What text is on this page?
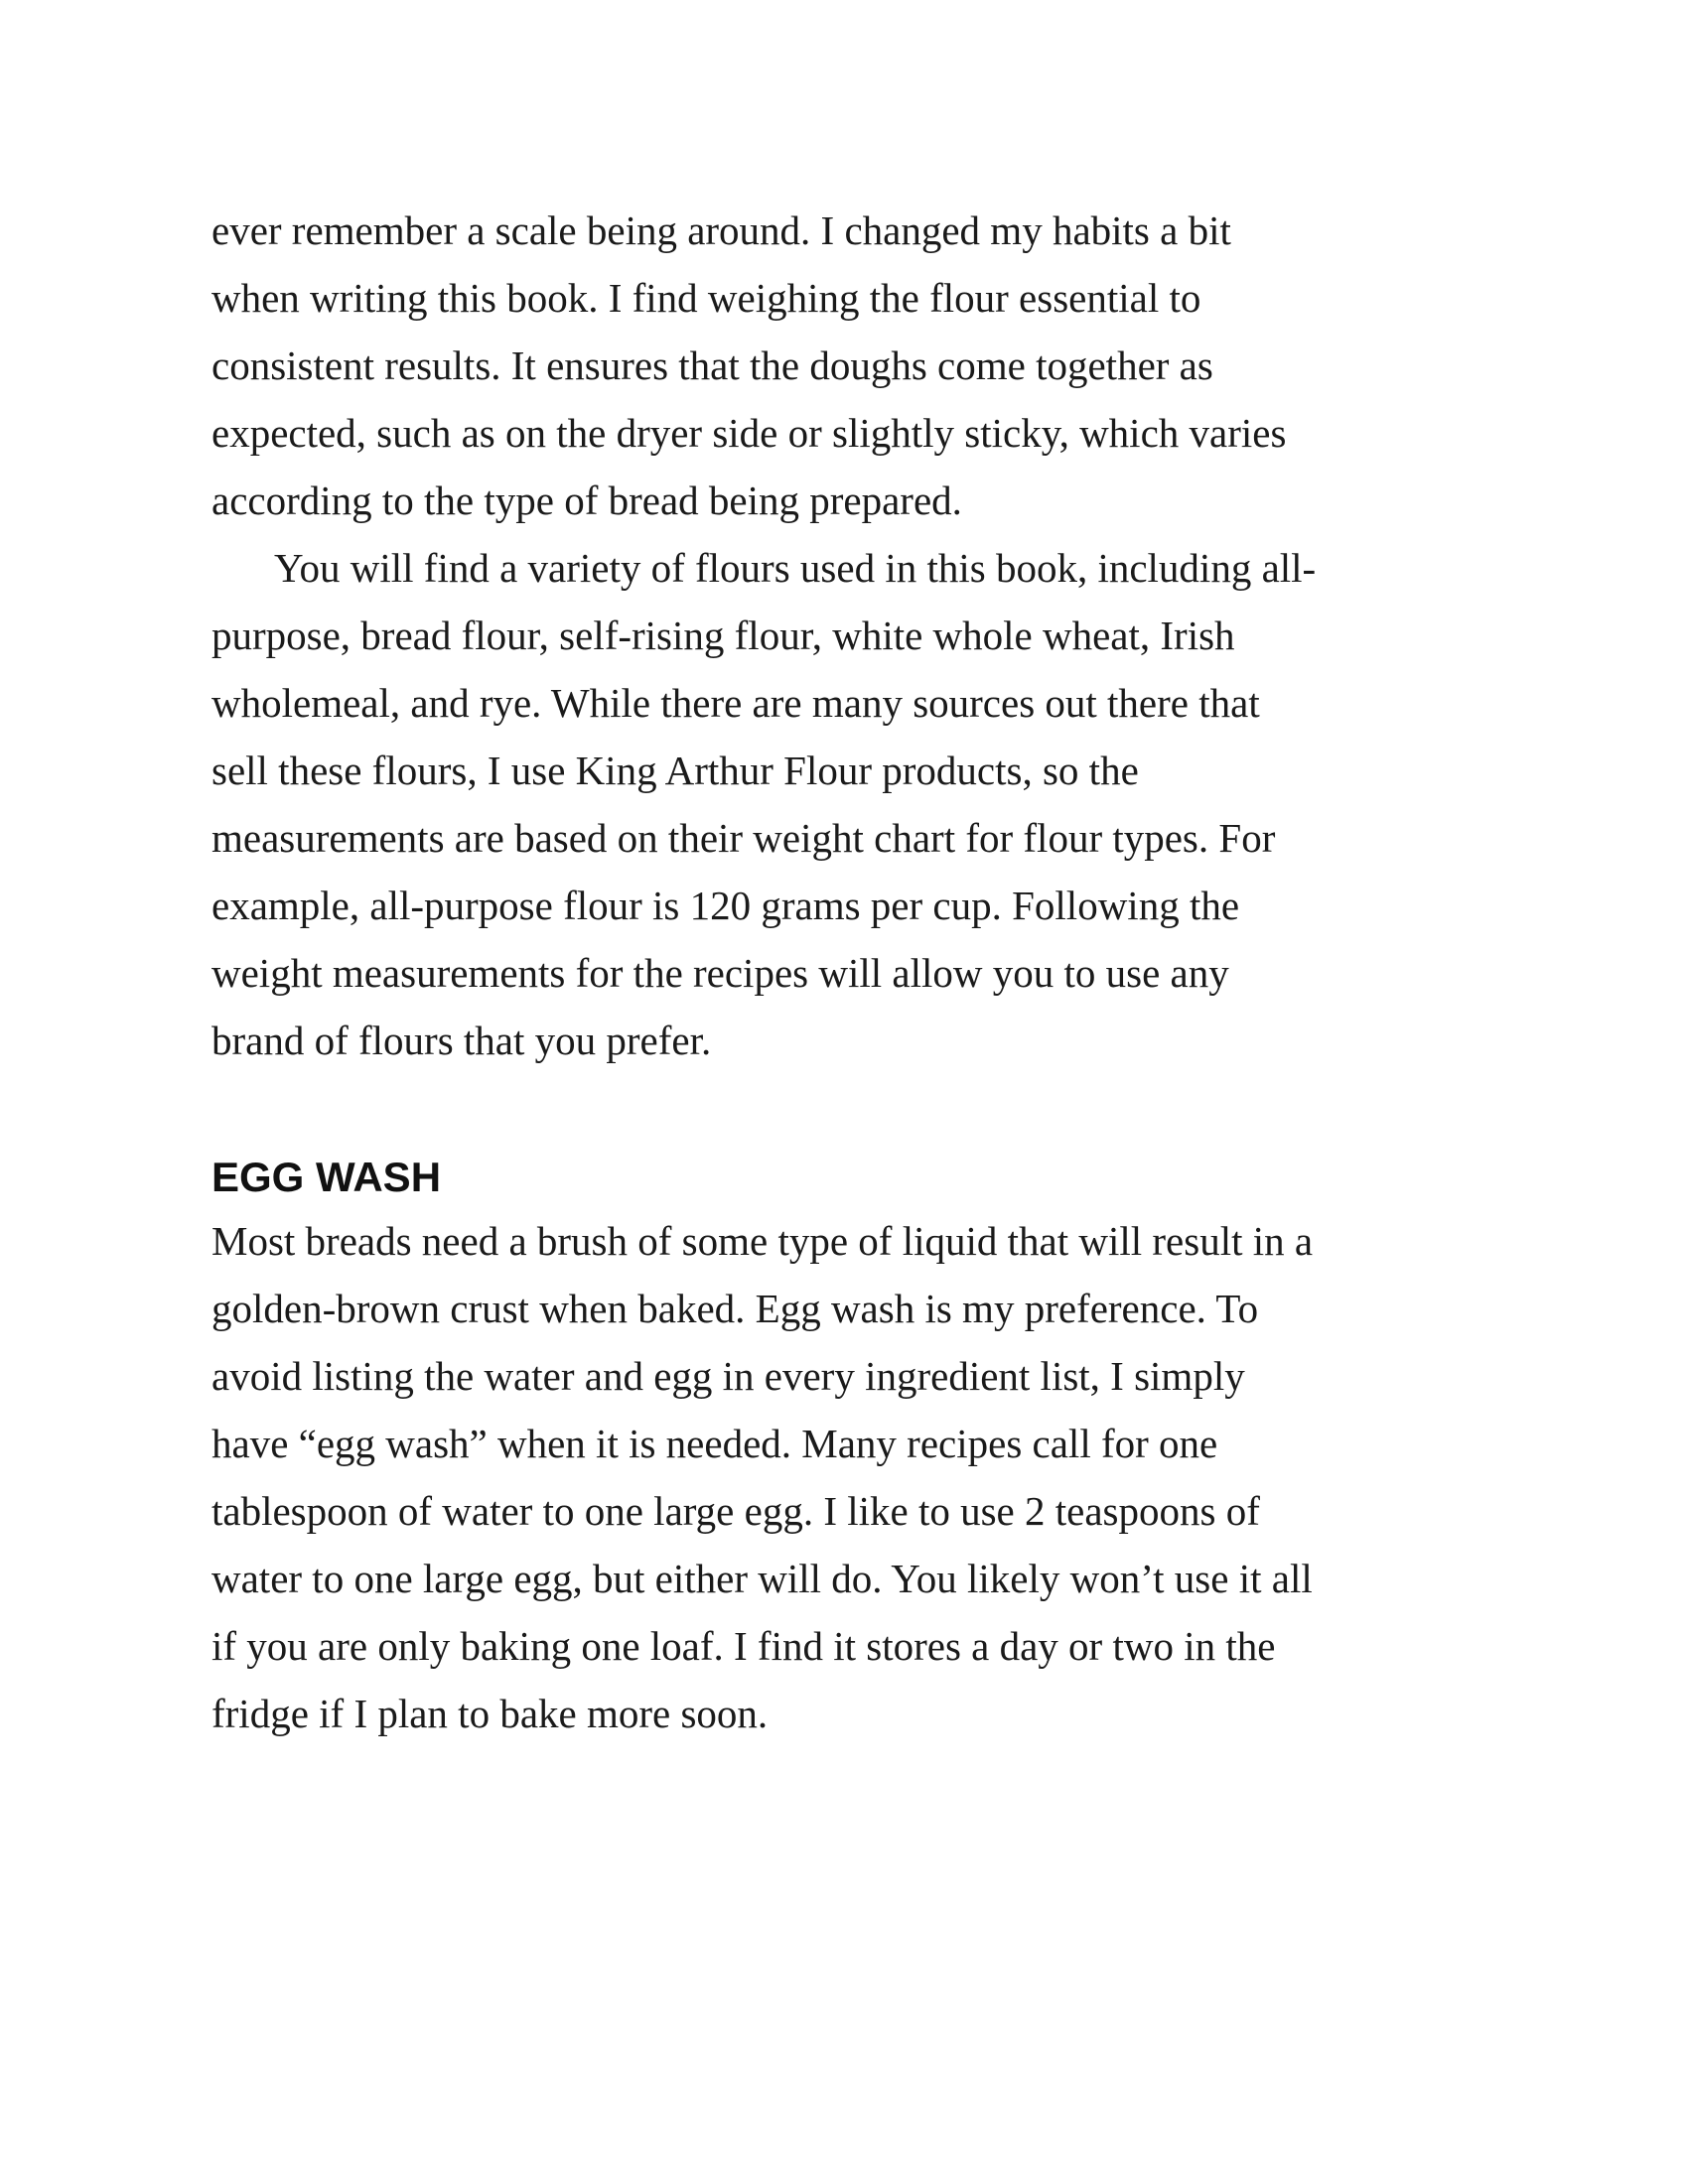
ever remember a scale being around. I changed my habits a bit
when writing this book. I find weighing the flour essential to
consistent results. It ensures that the doughs come together as
expected, such as on the dryer side or slightly sticky, which varies
according to the type of bread being prepared.
You will find a variety of flours used in this book, including all-
purpose, bread flour, self-rising flour, white whole wheat, Irish
wholemeal, and rye. While there are many sources out there that
sell these flours, I use King Arthur Flour products, so the
measurements are based on their weight chart for flour types. For
example, all-purpose flour is 120 grams per cup. Following the
weight measurements for the recipes will allow you to use any
brand of flours that you prefer.
EGG WASH
Most breads need a brush of some type of liquid that will result in a
golden-brown crust when baked. Egg wash is my preference. To
avoid listing the water and egg in every ingredient list, I simply
have “egg wash” when it is needed. Many recipes call for one
tablespoon of water to one large egg. I like to use 2 teaspoons of
water to one large egg, but either will do. You likely won’t use it all
if you are only baking one loaf. I find it stores a day or two in the
fridge if I plan to bake more soon.
